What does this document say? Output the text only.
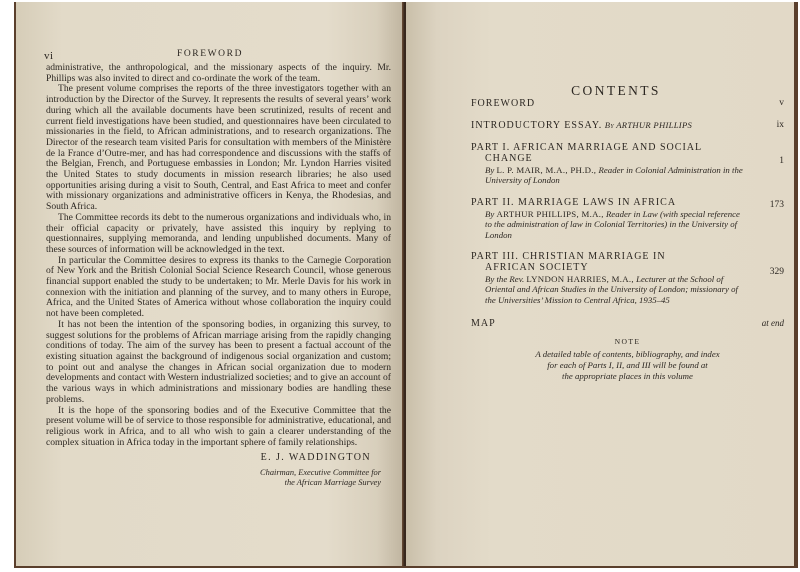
vi	FOREWORD

administrative, the anthropological, and the missionary aspects of the inquiry. Mr. Phillips was also invited to direct and co-ordinate the work of the team.

The present volume comprises the reports of the three investigators together with an introduction by the Director of the Survey. It represents the results of several years’ work during which all the available documents have been scrutinized, results of recent and current field investigations have been studied, and questionnaires have been circulated to missionaries in the field, to African administrations, and to research organizations. The Director of the research team visited Paris for consultation with members of the Ministère de la France d’Outre-mer, and has had correspondence and discussions with the staffs of the Belgian, French, and Portuguese embassies in London; Mr. Lyndon Harries visited the United States to study documents in mission research libraries; he also used opportunities arising during a visit to South, Central, and East Africa to meet and confer with missionary organizations and administrative officers in Kenya, the Rhodesias, and South Africa.

The Committee records its debt to the numerous organizations and individuals who, in their official capacity or privately, have assisted this inquiry by replying to questionnaires, supplying memoranda, and lending unpublished documents. Many of these sources of information will be acknowledged in the text.

In particular the Committee desires to express its thanks to the Carnegie Corporation of New York and the British Colonial Social Science Research Council, whose generous financial support enabled the study to be undertaken; to Mr. Merle Davis for his work in connexion with the initiation and planning of the survey, and to many others in Europe, Africa, and the United States of America without whose collaboration the inquiry could not have been completed.

It has not been the intention of the sponsoring bodies, in organizing this survey, to suggest solutions for the problems of African marriage arising from the rapidly changing conditions of today. The aim of the survey has been to present a factual account of the existing situation against the background of indigenous social organization and custom; to point out and analyse the changes in African social organization due to modern developments and contact with Western industrialized societies; and to give an account of the various ways in which administrations and missionary bodies are handling these problems.

It is the hope of the sponsoring bodies and of the Executive Committee that the present volume will be of service to those responsible for administrative, educational, and religious work in Africa, and to all who wish to gain a clearer understanding of the complex situation in Africa today in the important sphere of family relationships.

E. J. WADDINGTON
Chairman, Executive Committee for
the African Marriage Survey
CONTENTS
FOREWORD	v
INTRODUCTORY ESSAY. By ARTHUR PHILLIPS	ix
PART I. AFRICAN MARRIAGE AND SOCIAL
CHANGE	1
By L. P. MAIR, M.A., PH.D., Reader in Colonial Administration in the University of London
PART II. MARRIAGE LAWS IN AFRICA	173
By ARTHUR PHILLIPS, M.A., Reader in Law (with special reference to the administration of law in Colonial Territories) in the University of London
PART III. CHRISTIAN MARRIAGE IN
AFRICAN SOCIETY	329
By the Rev. LYNDON HARRIES, M.A., Lecturer at the School of Oriental and African Studies in the University of London; missionary of the Universities’ Mission to Central Africa, 1935–45
MAP	at end
NOTE
A detailed table of contents, bibliography, and index
for each of Parts I, II, and III will be found at
the appropriate places in this volume
